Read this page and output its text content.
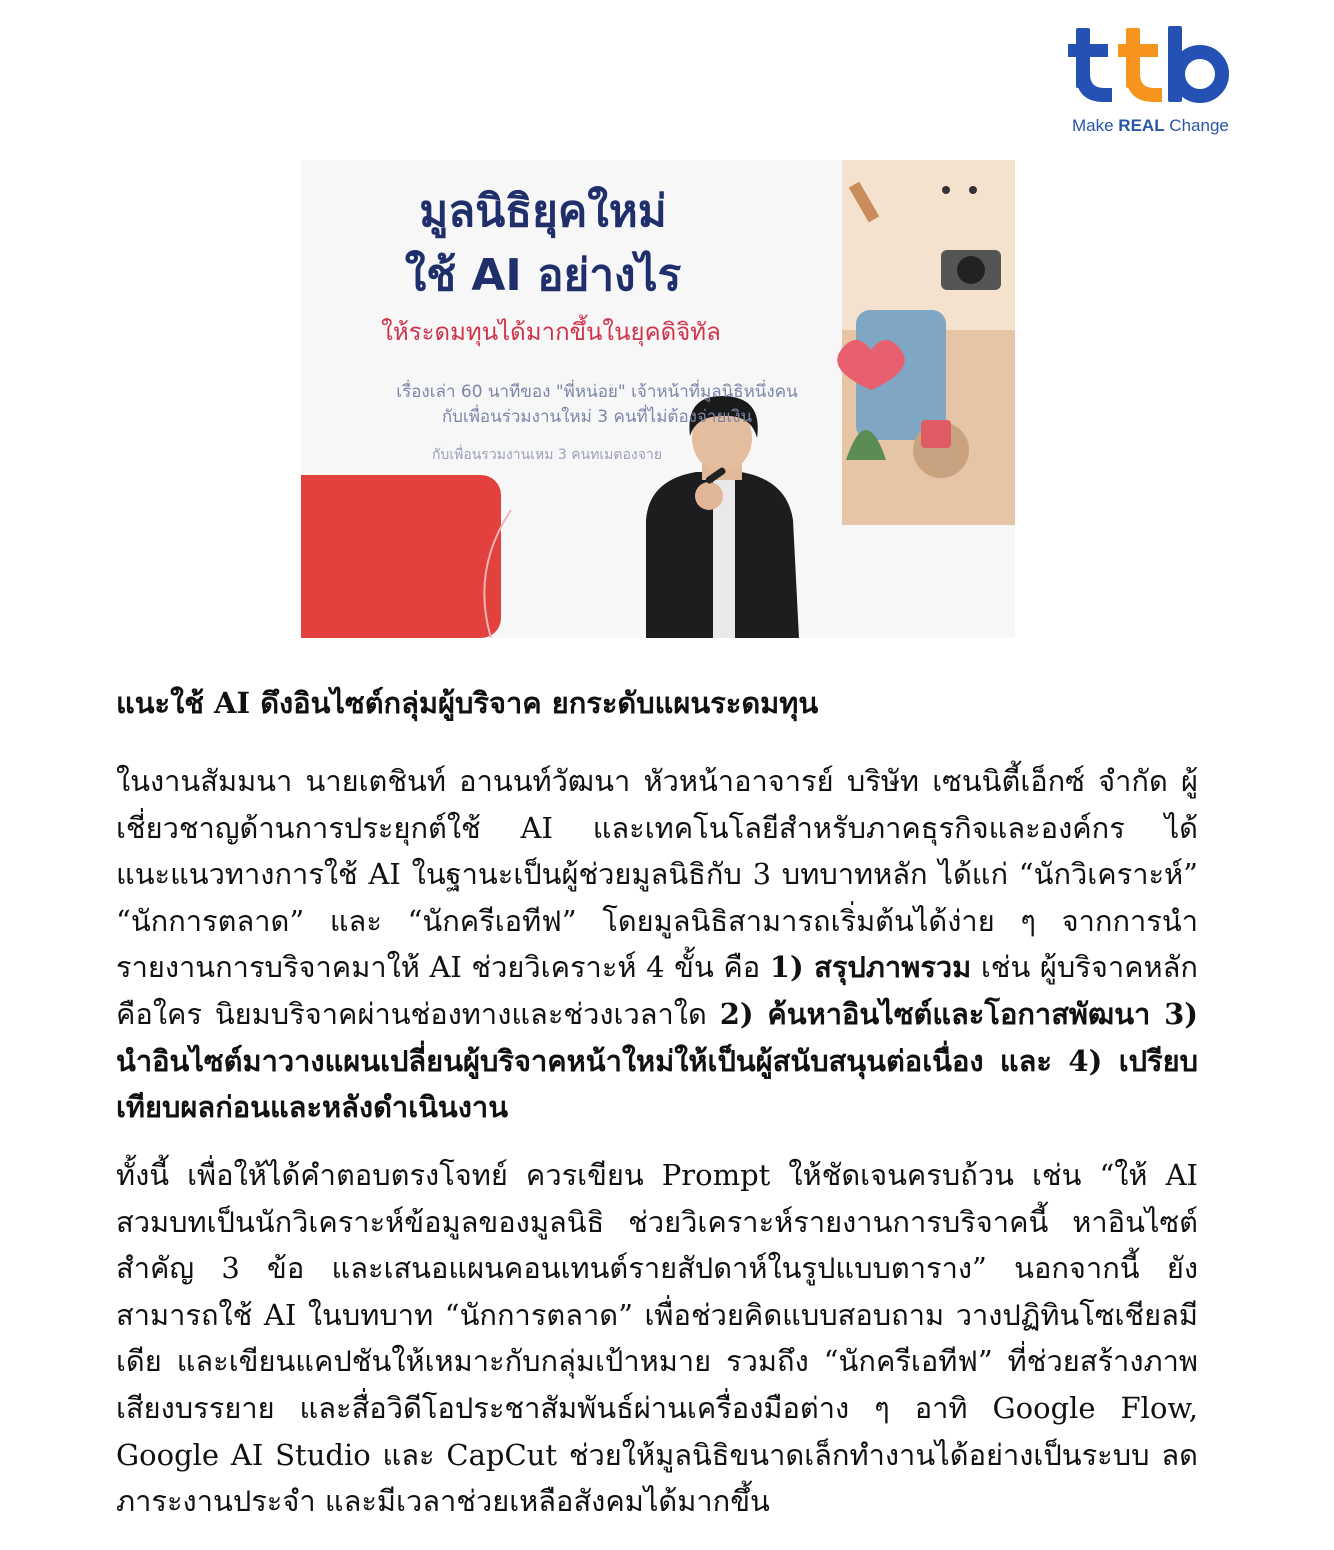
Make REAL Change
มูลนิธิยุคใหม่
ใช้ AI อย่างไร
ให้ระดมทุนได้มากขึ้นในยุคดิจิทัล
เรื่องเล่า 60 นาทีของ "พี่หน่อย" เจ้าหน้าที่มูลนิธิหนึ่งคน
กับเพื่อนร่วมงานใหม่ 3 คนที่ไม่ต้องจ่ายเงิน
กับเพื่อนรวมงานเหม 3 คนทเมตองจาย
แนะใช้ AI ดึงอินไซต์กลุ่มผู้บริจาค ยกระดับแผนระดมทุน

ในงานสัมมนา นายเตชินท์ อานนท์วัฒนา หัวหน้าอาจารย์ บริษัท เซนนิตี้เอ็กซ์ จำกัด ผู้เชี่ยวชาญด้านการประยุกต์ใช้ AI และเทคโนโลยีสำหรับภาคธุรกิจและองค์กร ได้แนะแนวทางการใช้ AI ในฐานะเป็นผู้ช่วยมูลนิธิกับ 3 บทบาทหลัก ได้แก่ “นักวิเคราะห์” “นักการตลาด” และ “นักครีเอทีฟ” โดยมูลนิธิสามารถเริ่มต้นได้ง่าย ๆ จากการนำรายงานการบริจาคมาให้ AI ช่วยวิเคราะห์ 4 ขั้น คือ 1) สรุปภาพรวม เช่น ผู้บริจาคหลักคือใคร นิยมบริจาคผ่านช่องทางและช่วงเวลาใด 2) ค้นหาอินไซต์และโอกาสพัฒนา 3) นำอินไซต์มาวางแผนเปลี่ยนผู้บริจาคหน้าใหม่ให้เป็นผู้สนับสนุนต่อเนื่อง และ 4) เปรียบเทียบผลก่อนและหลังดำเนินงาน

ทั้งนี้ เพื่อให้ได้คำตอบตรงโจทย์ ควรเขียน Prompt ให้ชัดเจนครบถ้วน เช่น “ให้ AI สวมบทเป็นนักวิเคราะห์ข้อมูลของมูลนิธิ ช่วยวิเคราะห์รายงานการบริจาคนี้ หาอินไซต์สำคัญ 3 ข้อ และเสนอแผนคอนเทนต์รายสัปดาห์ในรูปแบบตาราง” นอกจากนี้ ยังสามารถใช้ AI ในบทบาท “นักการตลาด” เพื่อช่วยคิดแบบสอบถาม วางปฏิทินโซเชียลมีเดีย และเขียนแคปชันให้เหมาะกับกลุ่มเป้าหมาย รวมถึง “นักครีเอทีฟ” ที่ช่วยสร้างภาพ เสียงบรรยาย และสื่อวิดีโอประชาสัมพันธ์ผ่านเครื่องมือต่าง ๆ อาทิ Google Flow, Google AI Studio และ CapCut ช่วยให้มูลนิธิขนาดเล็กทำงานได้อย่างเป็นระบบ ลดภาระงานประจำ และมีเวลาช่วยเหลือสังคมได้มากขึ้น
